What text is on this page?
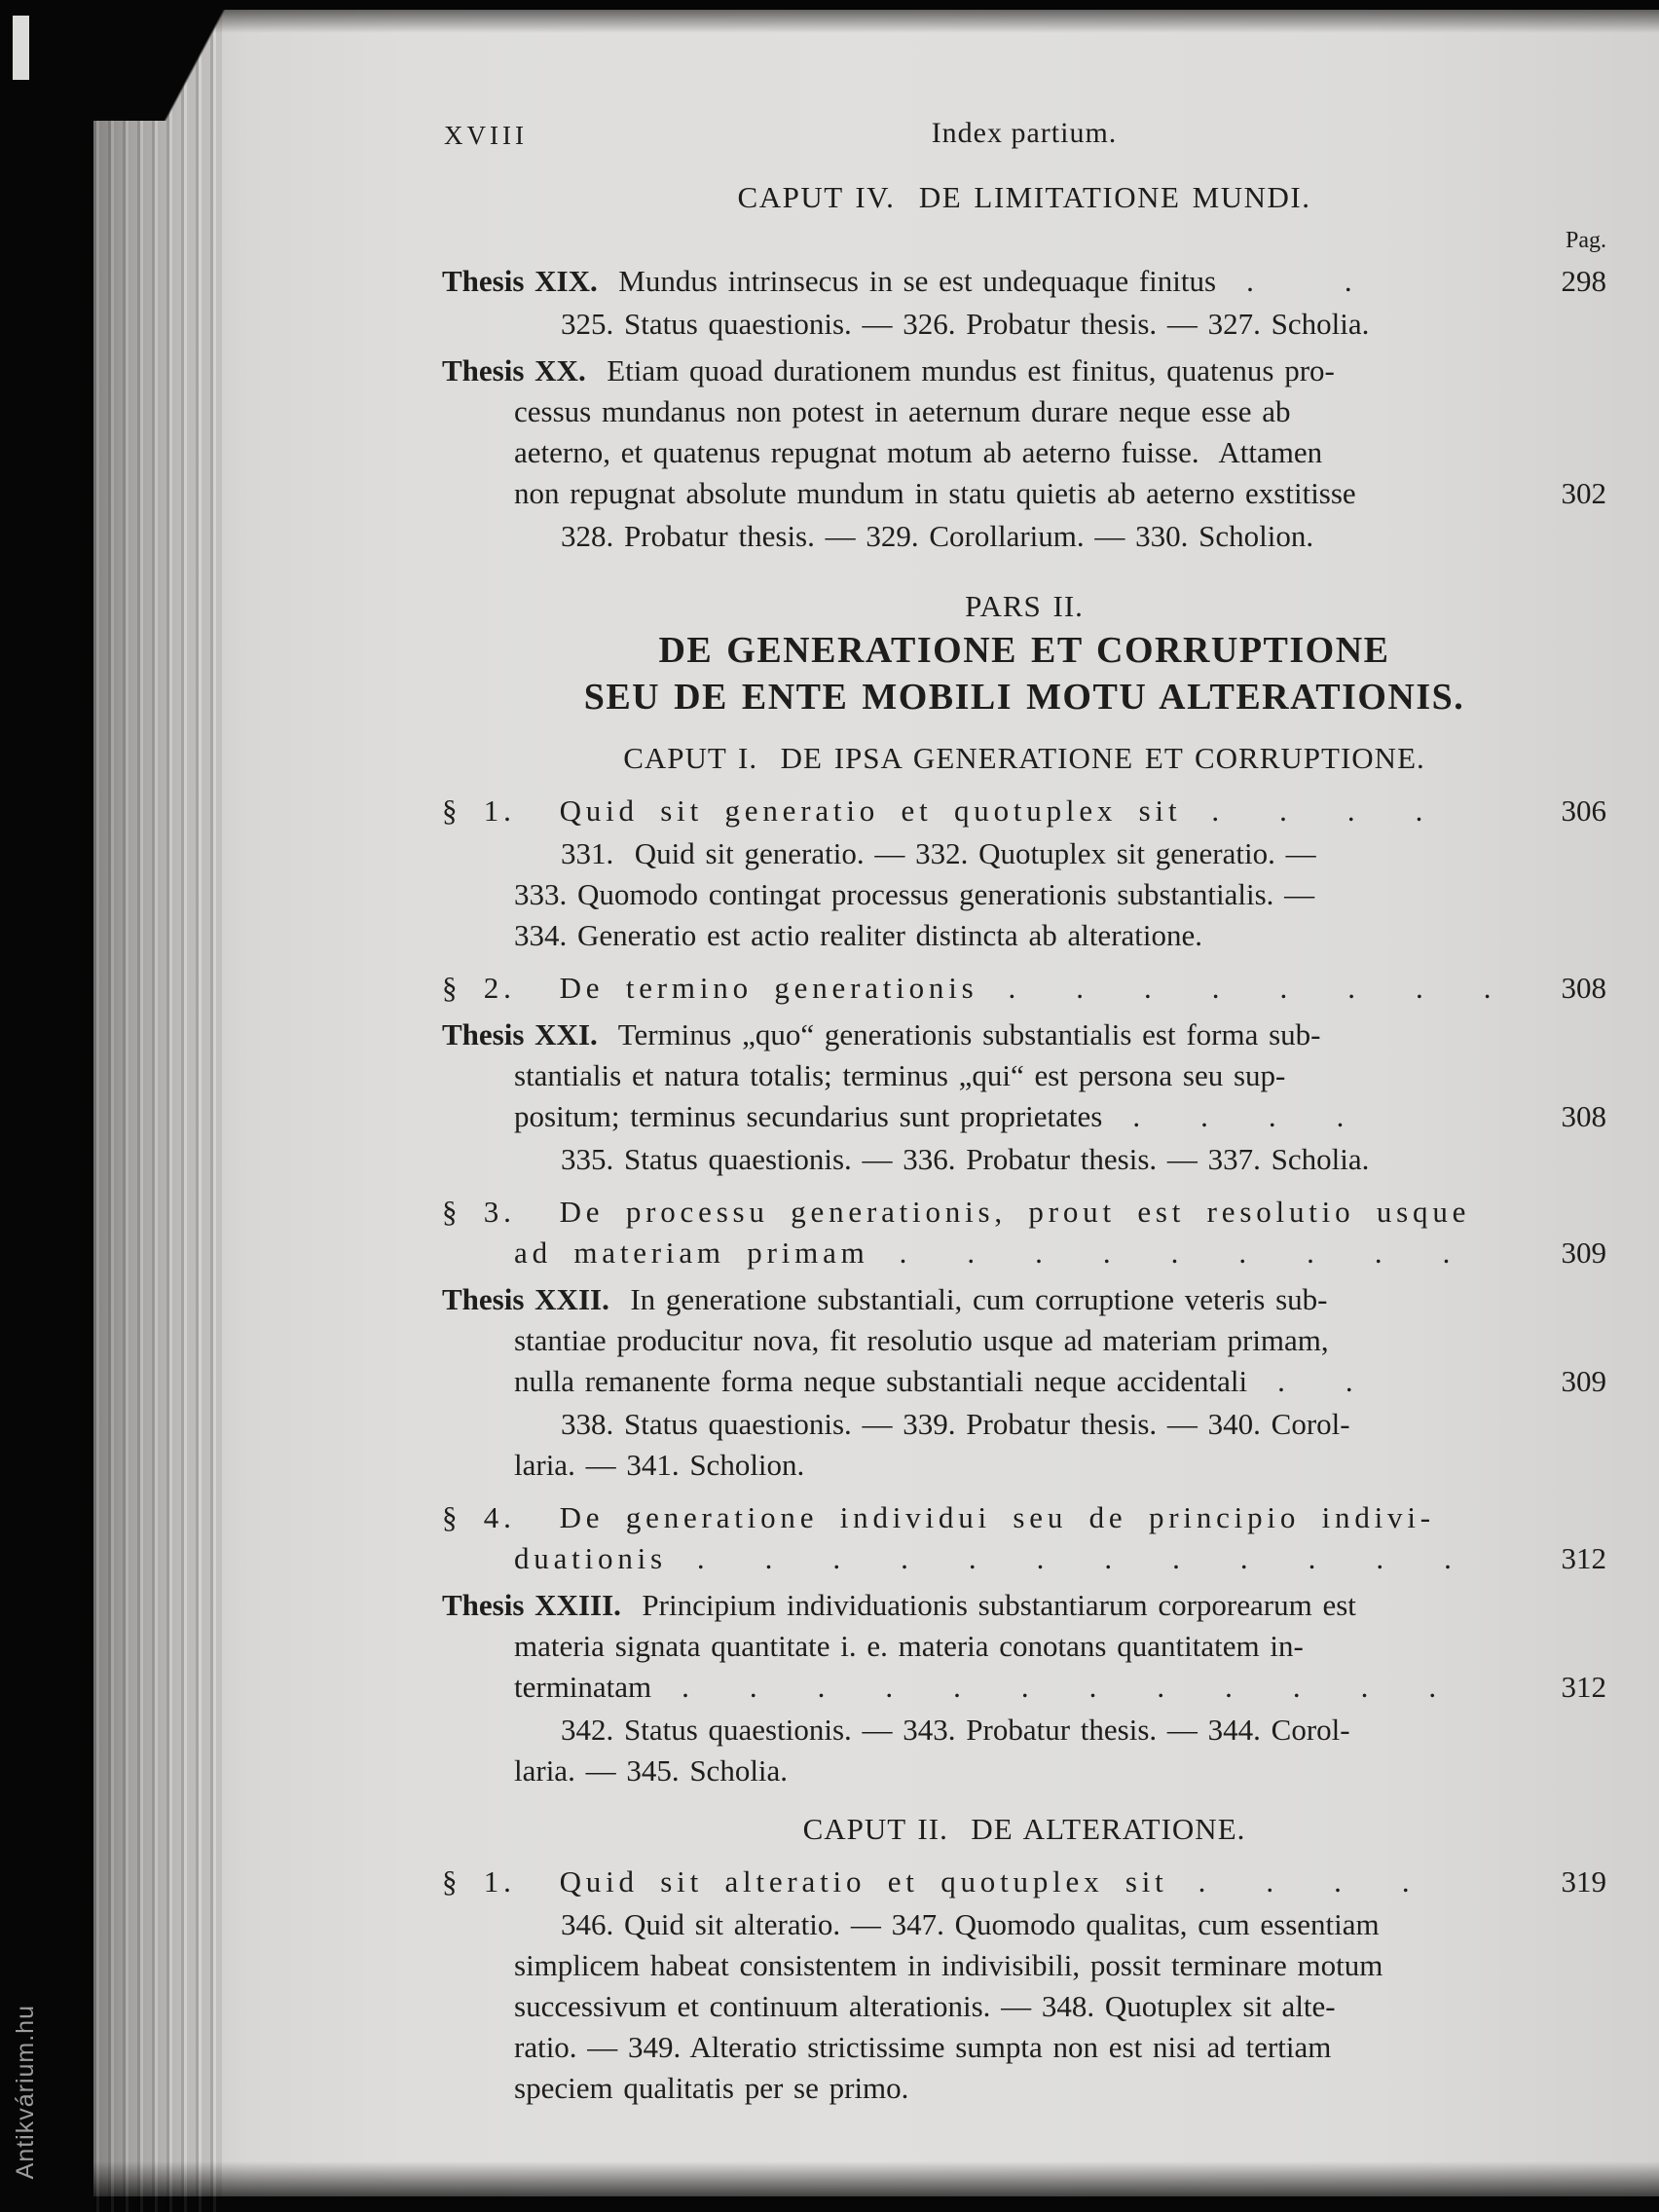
Antikvárium.hu
XVIII	Index partium.
CAPUT IV.  DE LIMITATIONE MUNDI.
Pag.
Thesis XIX.  Mundus intrinsecus in se est undequaque finitus .   .	298
325. Status quaestionis. — 326. Probatur thesis. — 327. Scholia.
Thesis XX.  Etiam quoad durationem mundus est finitus, quatenus pro-
cessus mundanus non potest in aeternum durare neque esse ab
aeterno, et quatenus repugnat motum ab aeterno fuisse.  Attamen
non repugnat absolute mundum in statu quietis ab aeterno exstitisse	302
328. Probatur thesis. — 329. Corollarium. — 330. Scholion.
PARS II.
DE GENERATIONE ET CORRUPTIONE
SEU DE ENTE MOBILI MOTU ALTERATIONIS.
CAPUT I.  DE IPSA GENERATIONE ET CORRUPTIONE.
§ 1.  Quid sit generatio et quotuplex sit .  .  .  .	306
331.  Quid sit generatio. — 332. Quotuplex sit generatio. —
333. Quomodo contingat processus generationis substantialis. —
334. Generatio est actio realiter distincta ab alteratione.
§ 2.  De termino generationis .  .  .  .  .  .  .  .	308
Thesis XXI.  Terminus „quo“ generationis substantialis est forma sub-
stantialis et natura totalis; terminus „qui“ est persona seu sup-
positum; terminus secundarius sunt proprietates .  .  .  .	308
335. Status quaestionis. — 336. Probatur thesis. — 337. Scholia.
§ 3.  De processu generationis, prout est resolutio usque
ad materiam primam .  .  .  .  .  .  .  .  .	309
Thesis XXII.  In generatione substantiali, cum corruptione veteris sub-
stantiae producitur nova, fit resolutio usque ad materiam primam,
nulla remanente forma neque substantiali neque accidentali .  .	309
338. Status quaestionis. — 339. Probatur thesis. — 340. Corol-
laria. — 341. Scholion.
§ 4.  De generatione individui seu de principio indivi-
duationis .  .  .  .  .  .  .  .  .  .  .  .	312
Thesis XXIII.  Principium individuationis substantiarum corporearum est
materia signata quantitate i. e. materia conotans quantitatem in-
terminatam .  .  .  .  .  .  .  .  .  .  .  .	312
342. Status quaestionis. — 343. Probatur thesis. — 344. Corol-
laria. — 345. Scholia.
CAPUT II.  DE ALTERATIONE.
§ 1.  Quid sit alteratio et quotuplex sit .  .  .  .	319
346. Quid sit alteratio. — 347. Quomodo qualitas, cum essentiam
simplicem habeat consistentem in indivisibili, possit terminare motum
successivum et continuum alterationis. — 348. Quotuplex sit alte-
ratio. — 349. Alteratio strictissime sumpta non est nisi ad tertiam
speciem qualitatis per se primo.
